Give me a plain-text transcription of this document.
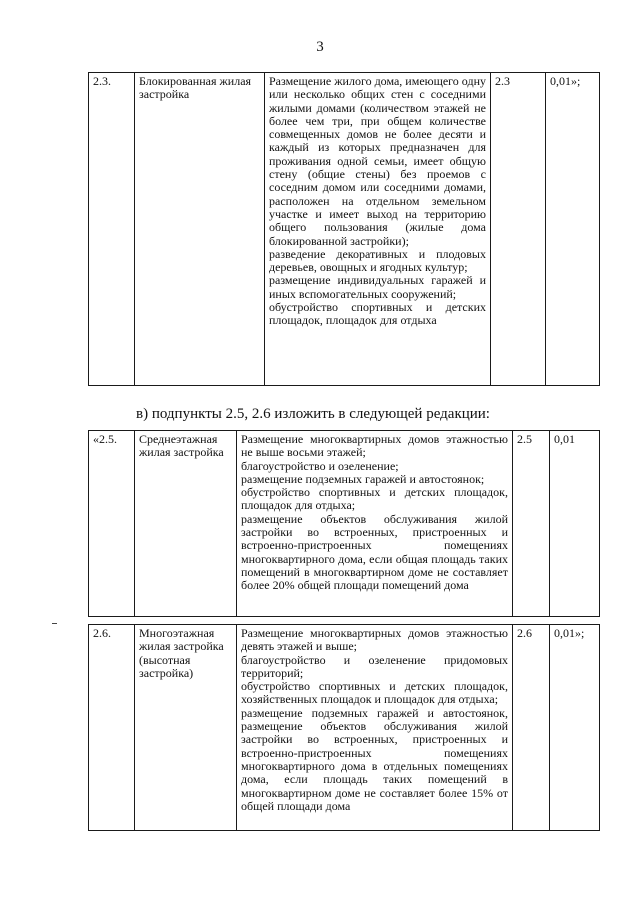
3
2.3.	Блокированная жилая застройка	
Размещение жилого дома, имеющего одну или несколько общих стен с соседними жилыми домами (количеством этажей не более чем три, при общем количестве совмещенных домов не более десяти и каждый из которых предназначен для проживания одной семьи, имеет общую стену (общие стены) без проемов с соседним домом или соседними домами, расположен на отдельном земельном участке и имеет выход на территорию общего пользования (жилые дома блокированной застройки);
разведение декоративных и плодовых деревьев, овощных и ягодных культур;
размещение индивидуальных гаражей и иных вспомогательных сооружений;
обустройство спортивных и детских площадок, площадок для отдыха
	2.3	0,01»;
в) подпункты 2.5, 2.6 изложить в следующей редакции:
«2.5.	Среднеэтажная жилая застройка	
Размещение многоквартирных домов этажностью не выше восьми этажей;
благоустройство и озеленение;
размещение подземных гаражей и автостоянок;
обустройство спортивных и детских площадок, площадок для отдыха;
размещение объектов обслуживания жилой застройки во встроенных, пристроенных и встроенно-пристроенных помещениях многоквартирного дома, если общая площадь таких помещений в многоквартирном доме не составляет более 20% общей площади помещений дома
	2.5	0,01
2.6.	Многоэтажная жилая застройка (высотная застройка)	
Размещение многоквартирных домов этажностью девять этажей и выше;
благоустройство и озеленение придомовых территорий;
обустройство спортивных и детских площадок, хозяйственных площадок и площадок для отдыха;
размещение подземных гаражей и автостоянок, размещение объектов обслуживания жилой застройки во встроенных, пристроенных и встроенно-пристроенных помещениях многоквартирного дома в отдельных помещениях дома, если площадь таких помещений в многоквартирном доме не составляет более 15% от общей площади дома
	2.6	0,01»;
